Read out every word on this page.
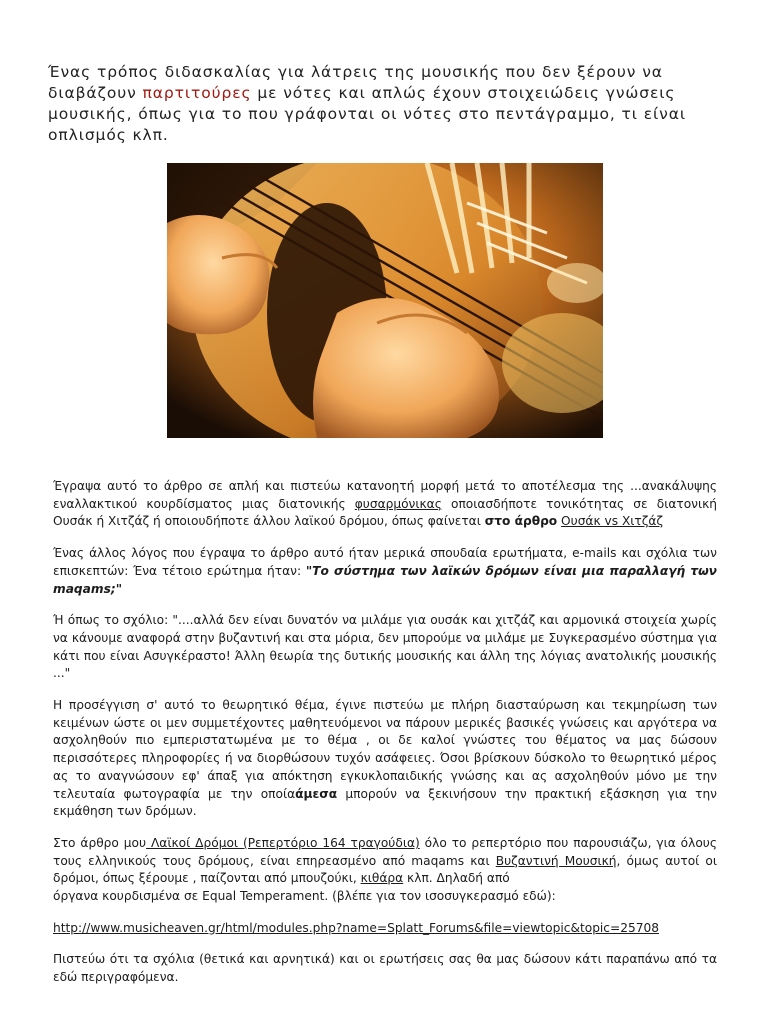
Ένας τρόπος διδασκαλίας για λάτρεις της μουσικής που δεν ξέρουν να διαβάζουν παρτιτούρες με νότες και απλώς έχουν στοιχειώδεις γνώσεις μουσικής, όπως για το που γράφονται οι νότες στο πεντάγραμμο, τι είναι οπλισμός κλπ.

Έγραψα αυτό το άρθρο σε απλή και πιστεύω κατανοητή μορφή μετά το αποτέλεσμα της ...ανακάλυψης εναλλακτικού κουρδίσματος μιας διατονικής φυσαρμόνικας οποιασδήποτε τονικότητας σε διατονική Ουσάκ ή Χιτζάζ ή οποιουδήποτε άλλου λαϊκού δρόμου, όπως φαίνεται στο άρθρο Ουσάκ vs Χιτζάζ

Ένας άλλος λόγος που έγραψα το άρθρο αυτό ήταν μερικά σπουδαία ερωτήματα, e-mails και σχόλια των επισκεπτών: Ένα τέτοιο ερώτημα ήταν: "Το σύστημα των λαϊκών δρόμων είναι μια παραλλαγή των maqams;"

Ή όπως το σχόλιο: "....αλλά δεν είναι δυνατόν να μιλάμε για ουσάκ και χιτζάζ και αρμονικά στοιχεία χωρίς να κάνουμε αναφορά στην βυζαντινή και στα μόρια, δεν μπορούμε να μιλάμε με Συγκερασμένο σύστημα για κάτι που είναι Ασυγκέραστο! Άλλη θεωρία της δυτικής μουσικής και άλλη της λόγιας ανατολικής μουσικής ..."

Η προσέγγιση σ' αυτό το θεωρητικό θέμα, έγινε πιστεύω με πλήρη διασταύρωση και τεκμηρίωση των κειμένων ώστε οι μεν συμμετέχοντες μαθητευόμενοι να πάρουν μερικές βασικές γνώσεις και αργότερα να ασχοληθούν πιο εμπεριστατωμένα με το θέμα , οι δε καλοί γνώστες του θέματος να μας δώσουν περισσότερες πληροφορίες ή να διορθώσουν τυχόν ασάφειες. Όσοι βρίσκουν δύσκολο το θεωρητικό μέρος ας το αναγνώσουν εφ' άπαξ για απόκτηση εγκυκλοπαιδικής γνώσης και ας ασχοληθούν μόνο με την τελευταία φωτογραφία με την οποίαάμεσα μπορούν να ξεκινήσουν την πρακτική εξάσκηση για την εκμάθηση των δρόμων.

Στο άρθρο μου Λαϊκοί Δρόμοι (Ρεπερτόριο 164 τραγούδια) όλο το ρεπερτόριο που παρουσιάζω, για όλους τους ελληνικούς τους δρόμους, είναι επηρεασμένο από maqams και Βυζαντινή Μουσική, όμως αυτοί οι δρόμοι, όπως ξέρουμε , παίζονται από μπουζούκι, κιθάρα κλπ. Δηλαδή από
όργανα κουρδισμένα σε Equal Temperament. (βλέπε για τον ισοσυγκερασμό εδώ):

http://www.musicheaven.gr/html/modules.php?name=Splatt_Forums&file=viewtopic&topic=25708

Πιστεύω ότι τα σχόλια (θετικά και αρνητικά) και οι ερωτήσεις σας θα μας δώσουν κάτι παραπάνω από τα εδώ περιγραφόμενα.
